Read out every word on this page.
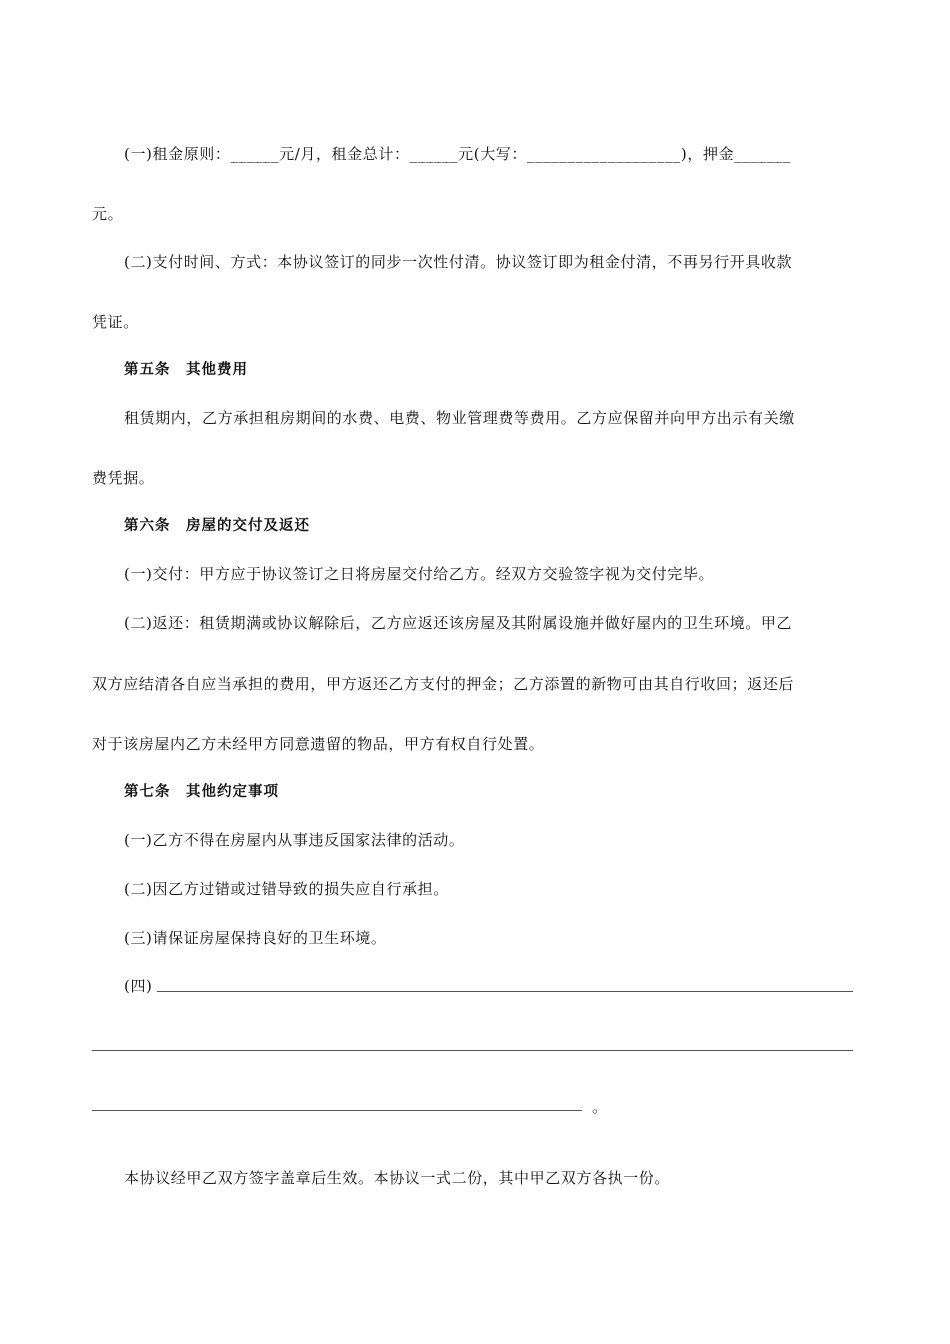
(一)租金原则：______元/月，租金总计：______元(大写：___________________)，押金_______
元。
(二)支付时间、方式：本协议签订的同步一次性付清。协议签订即为租金付清，不再另行开具收款
凭证。
第五条　其他费用
租赁期内，乙方承担租房期间的水费、电费、物业管理费等费用。乙方应保留并向甲方出示有关缴
费凭据。
第六条　房屋的交付及返还
(一)交付：甲方应于协议签订之日将房屋交付给乙方。经双方交验签字视为交付完毕。
(二)返还：租赁期满或协议解除后，乙方应返还该房屋及其附属设施并做好屋内的卫生环境。甲乙
双方应结清各自应当承担的费用，甲方返还乙方支付的押金；乙方添置的新物可由其自行收回；返还后
对于该房屋内乙方未经甲方同意遗留的物品，甲方有权自行处置。
第七条　其他约定事项
(一)乙方不得在房屋内从事违反国家法律的活动。
(二)因乙方过错或过错导致的损失应自行承担。
(三)请保证房屋保持良好的卫生环境。
(四)
。
本协议经甲乙双方签字盖章后生效。本协议一式二份，其中甲乙双方各执一份。
